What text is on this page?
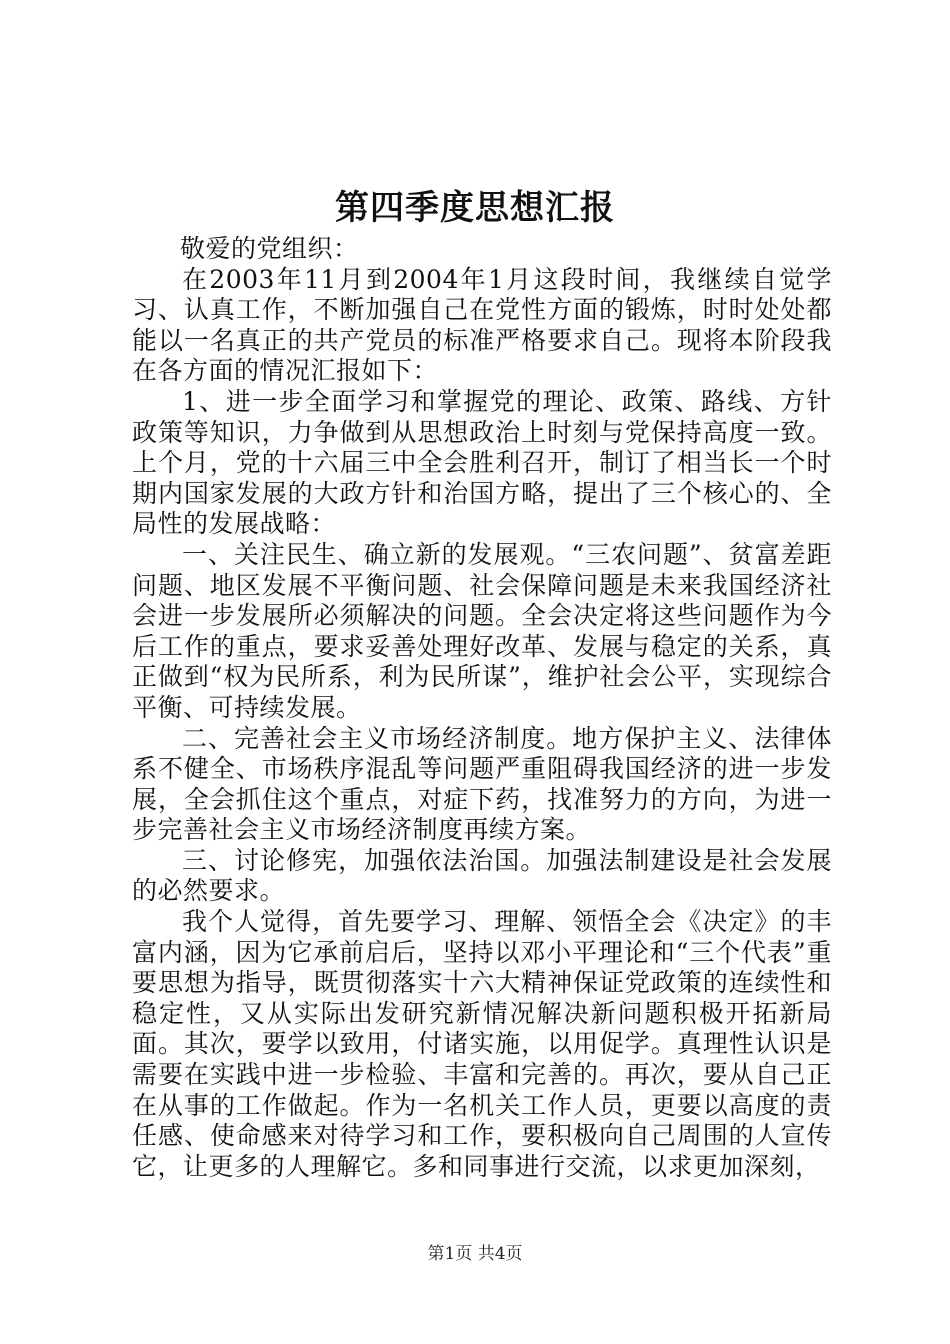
第四季度思想汇报

敬爱的党组织：

在2003年11月到2004年1月这段时间，我继续自觉学习、认真工作，不断加强自己在党性方面的锻炼，时时处处都能以一名真正的共产党员的标准严格要求自己。现将本阶段我在各方面的情况汇报如下：

1、进一步全面学习和掌握党的理论、政策、路线、方针政策等知识，力争做到从思想政治上时刻与党保持高度一致。上个月，党的十六届三中全会胜利召开，制订了相当长一个时期内国家发展的大政方针和治国方略，提出了三个核心的、全局性的发展战略：

一、关注民生、确立新的发展观。“三农问题”、贫富差距问题、地区发展不平衡问题、社会保障问题是未来我国经济社会进一步发展所必须解决的问题。全会决定将这些问题作为今后工作的重点，要求妥善处理好改革、发展与稳定的关系，真正做到“权为民所系，利为民所谋”，维护社会公平，实现综合平衡、可持续发展。

二、完善社会主义市场经济制度。地方保护主义、法律体系不健全、市场秩序混乱等问题严重阻碍我国经济的进一步发展，全会抓住这个重点，对症下药，找准努力的方向，为进一步完善社会主义市场经济制度再续方案。

三、讨论修宪，加强依法治国。加强法制建设是社会发展的必然要求。

我个人觉得，首先要学习、理解、领悟全会《决定》的丰富内涵，因为它承前启后，坚持以邓小平理论和“三个代表”重要思想为指导，既贯彻落实十六大精神保证党政策的连续性和稳定性，又从实际出发研究新情况解决新问题积极开拓新局面。其次，要学以致用，付诸实施，以用促学。真理性认识是需要在实践中进一步检验、丰富和完善的。再次，要从自己正在从事的工作做起。作为一名机关工作人员，更要以高度的责任感、使命感来对待学习和工作，要积极向自己周围的人宣传它，让更多的人理解它。多和同事进行交流，以求更加深刻，

第1页 共4页
